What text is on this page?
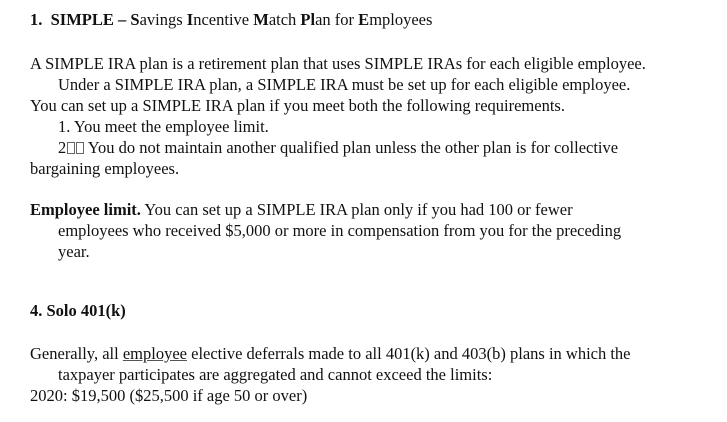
1. SIMPLE – Savings Incentive Match Plan for Employees
A SIMPLE IRA plan is a retirement plan that uses SIMPLE IRAs for each eligible employee.
Under a SIMPLE IRA plan, a SIMPLE IRA must be set up for each eligible employee.
You can set up a SIMPLE IRA plan if you meet both the following requirements.
1. You meet the employee limit.
2 You do not maintain another qualified plan unless the other plan is for collective
bargaining employees.
Employee limit. You can set up a SIMPLE IRA plan only if you had 100 or fewer
employees who received $5,000 or more in compensation from you for the preceding
year.
4. Solo 401(k)
Generally, all employee elective deferrals made to all 401(k) and 403(b) plans in which the
taxpayer participates are aggregated and cannot exceed the limits:
2020: $19,500 ($25,500 if age 50 or over)
